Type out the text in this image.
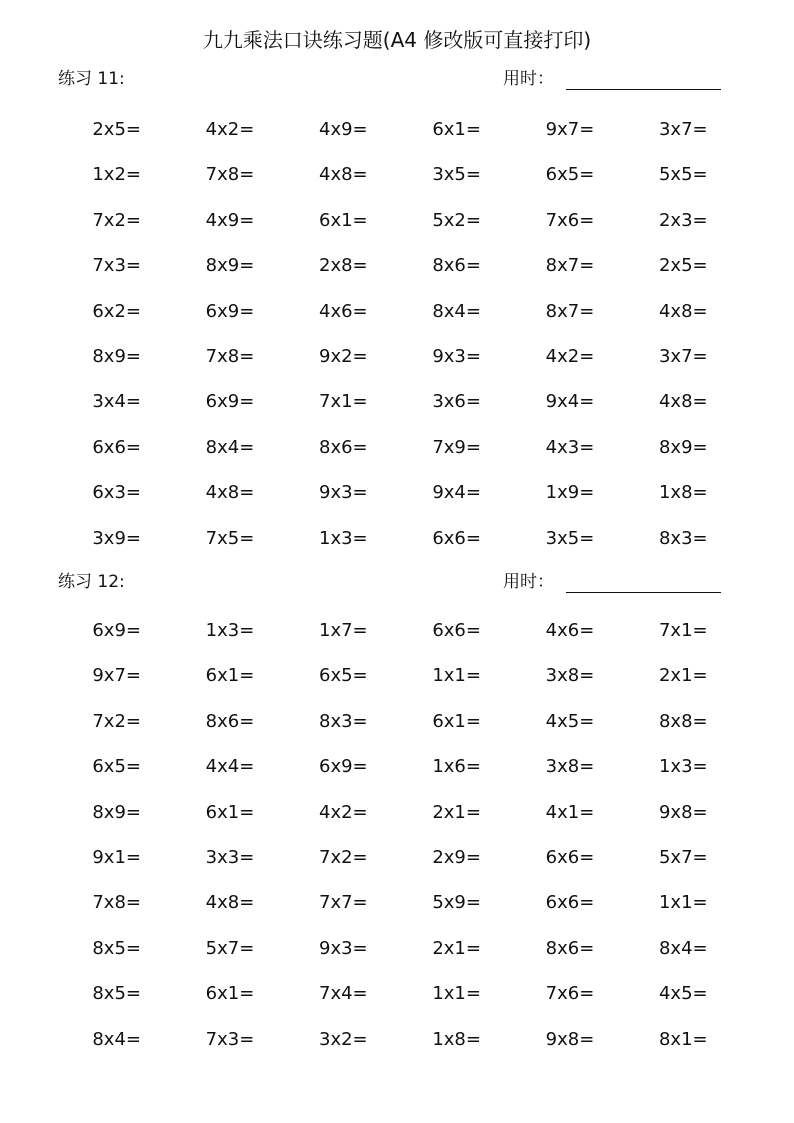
九九乘法口诀练习题(A4 修改版可直接打印)
练习 11:	用时：
2x5=	4x2=	4x9=	6x1=	9x7=	3x7=
1x2=	7x8=	4x8=	3x5=	6x5=	5x5=
7x2=	4x9=	6x1=	5x2=	7x6=	2x3=
7x3=	8x9=	2x8=	8x6=	8x7=	2x5=
6x2=	6x9=	4x6=	8x4=	8x7=	4x8=
8x9=	7x8=	9x2=	9x3=	4x2=	3x7=
3x4=	6x9=	7x1=	3x6=	9x4=	4x8=
6x6=	8x4=	8x6=	7x9=	4x3=	8x9=
6x3=	4x8=	9x3=	9x4=	1x9=	1x8=
3x9=	7x5=	1x3=	6x6=	3x5=	8x3=
练习 12:	用时：
6x9=	1x3=	1x7=	6x6=	4x6=	7x1=
9x7=	6x1=	6x5=	1x1=	3x8=	2x1=
7x2=	8x6=	8x3=	6x1=	4x5=	8x8=
6x5=	4x4=	6x9=	1x6=	3x8=	1x3=
8x9=	6x1=	4x2=	2x1=	4x1=	9x8=
9x1=	3x3=	7x2=	2x9=	6x6=	5x7=
7x8=	4x8=	7x7=	5x9=	6x6=	1x1=
8x5=	5x7=	9x3=	2x1=	8x6=	8x4=
8x5=	6x1=	7x4=	1x1=	7x6=	4x5=
8x4=	7x3=	3x2=	1x8=	9x8=	8x1=
